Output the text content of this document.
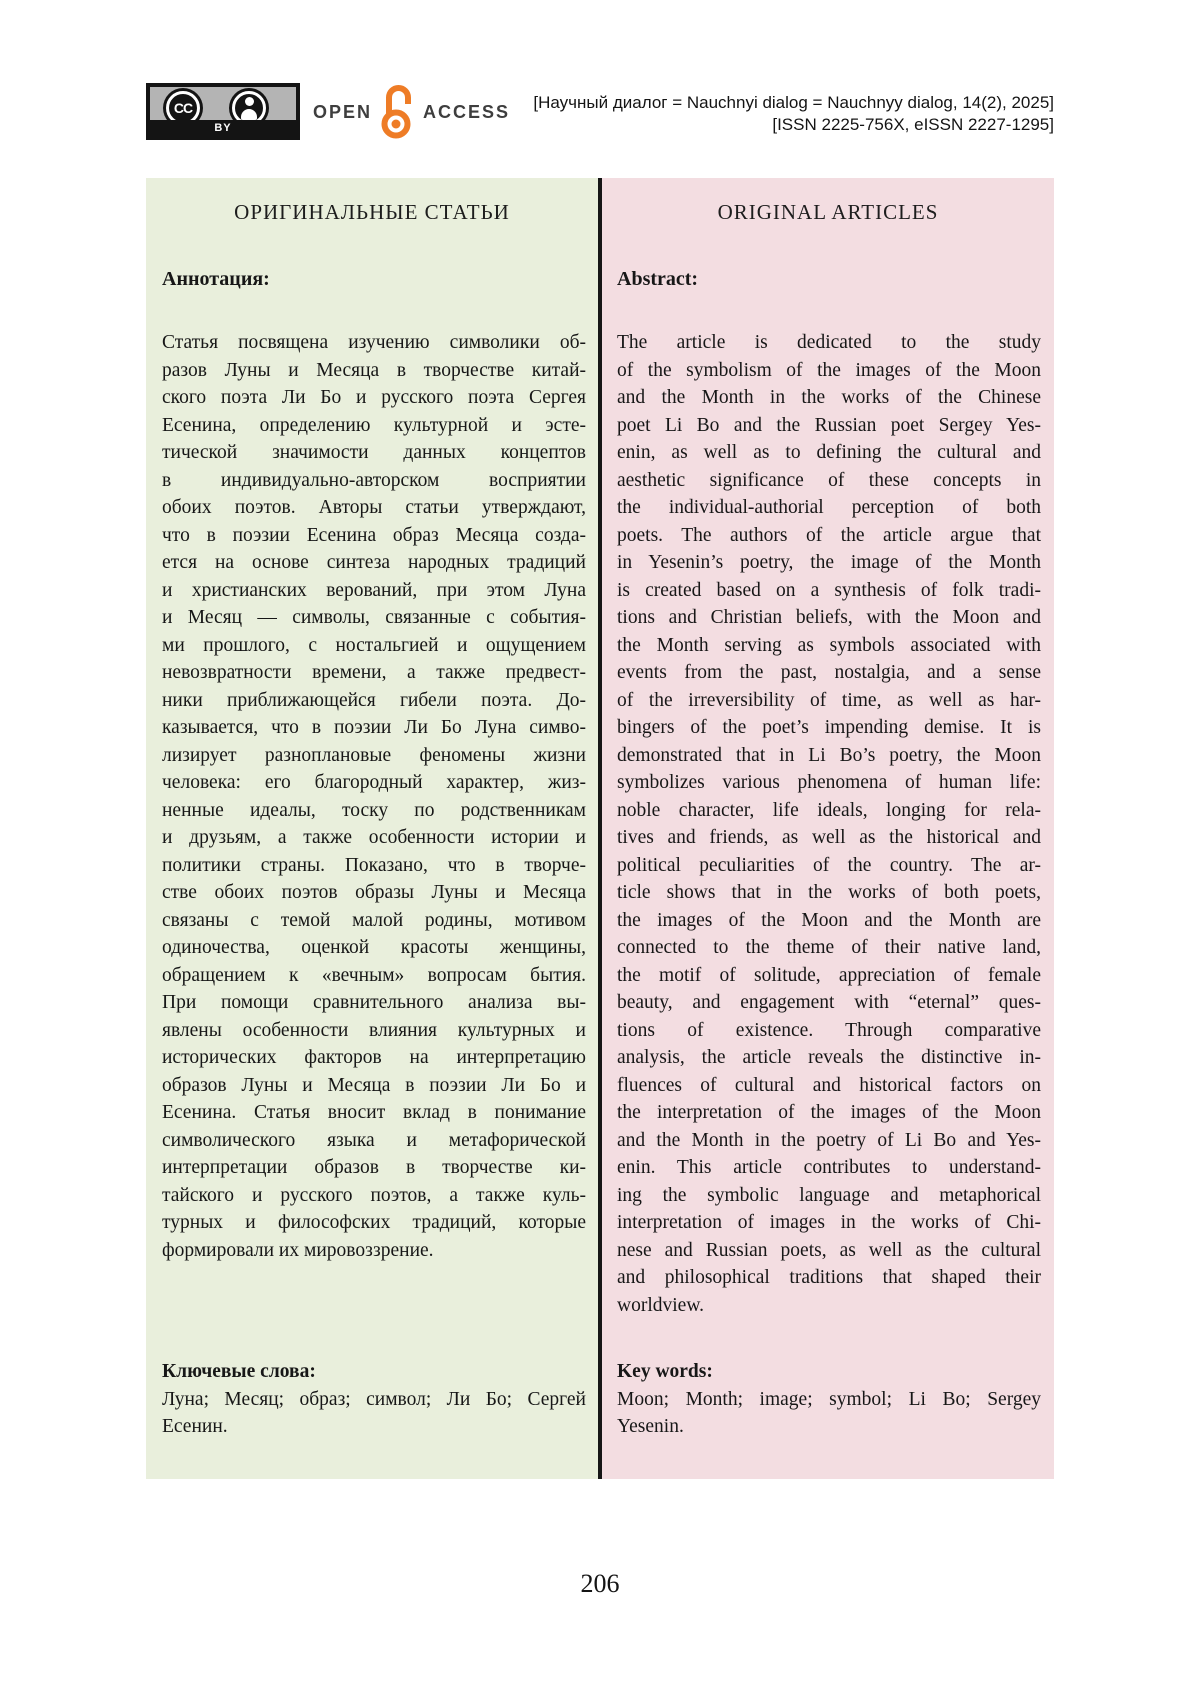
CC
BY
OPEN	ACCESS [Научный диалог = Nauchnyi dialog = Nauchnyy dialog, 14(2), 2025]
[ISSN 2225-756X, eISSN 2227-1295]
ОРИГИНАЛЬНЫЕ СТАТЬИ
Аннотация:
Статья посвящена изучению символики об-
разов Луны и Месяца в творчестве китай-
ского поэта Ли Бо и русского поэта Сергея
Есенина, определению культурной и эсте-
тической значимости данных концептов
в индивидуально-авторском восприятии
обоих поэтов. Авторы статьи утверждают,
что в поэзии Есенина образ Месяца созда-
ется на основе синтеза народных традиций
и христианских верований, при этом Луна
и Месяц — символы, связанные с события-
ми прошлого, с ностальгией и ощущением
невозвратности времени, а также предвест-
ники приближающейся гибели поэта. До-
казывается, что в поэзии Ли Бо Луна симво-
лизирует разноплановые феномены жизни
человека: его благородный характер, жиз-
ненные идеалы, тоску по родственникам
и друзьям, а также особенности истории и
политики страны. Показано, что в творче-
стве обоих поэтов образы Луны и Месяца
связаны с темой малой родины, мотивом
одиночества, оценкой красоты женщины,
обращением к «вечным» вопросам бытия.
При помощи сравнительного анализа вы-
явлены особенности влияния культурных и
исторических факторов на интерпретацию
образов Луны и Месяца в поэзии Ли Бо и
Есенина. Статья вносит вклад в понимание
символического языка и метафорической
интерпретации образов в творчестве ки-
тайского и русского поэтов, а также куль-
турных и философских традиций, которые
формировали их мировоззрение.
Ключевые слова:
Луна; Месяц; образ; символ; Ли Бо; Сергей
Есенин.
ORIGINAL ARTICLES
Abstract:
The article is dedicated to the study
of the symbolism of the images of the Moon
and the Month in the works of the Chinese
poet Li Bo and the Russian poet Sergey Yes-
enin, as well as to defining the cultural and
aesthetic significance of these concepts in
the individual-authorial perception of both
poets. The authors of the article argue that
in Yesenin’s poetry, the image of the Month
is created based on a synthesis of folk tradi-
tions and Christian beliefs, with the Moon and
the Month serving as symbols associated with
events from the past, nostalgia, and a sense
of the irreversibility of time, as well as har-
bingers of the poet’s impending demise. It is
demonstrated that in Li Bo’s poetry, the Moon
symbolizes various phenomena of human life:
noble character, life ideals, longing for rela-
tives and friends, as well as the historical and
political peculiarities of the country. The ar-
ticle shows that in the works of both poets,
the images of the Moon and the Month are
connected to the theme of their native land,
the motif of solitude, appreciation of female
beauty, and engagement with “eternal” ques-
tions of existence. Through comparative
analysis, the article reveals the distinctive in-
fluences of cultural and historical factors on
the interpretation of the images of the Moon
and the Month in the poetry of Li Bo and Yes-
enin. This article contributes to understand-
ing the symbolic language and metaphorical
interpretation of images in the works of Chi-
nese and Russian poets, as well as the cultural
and philosophical traditions that shaped their
worldview.
Key words:
Moon; Month; image; symbol; Li Bo; Sergey
Yesenin.
206
